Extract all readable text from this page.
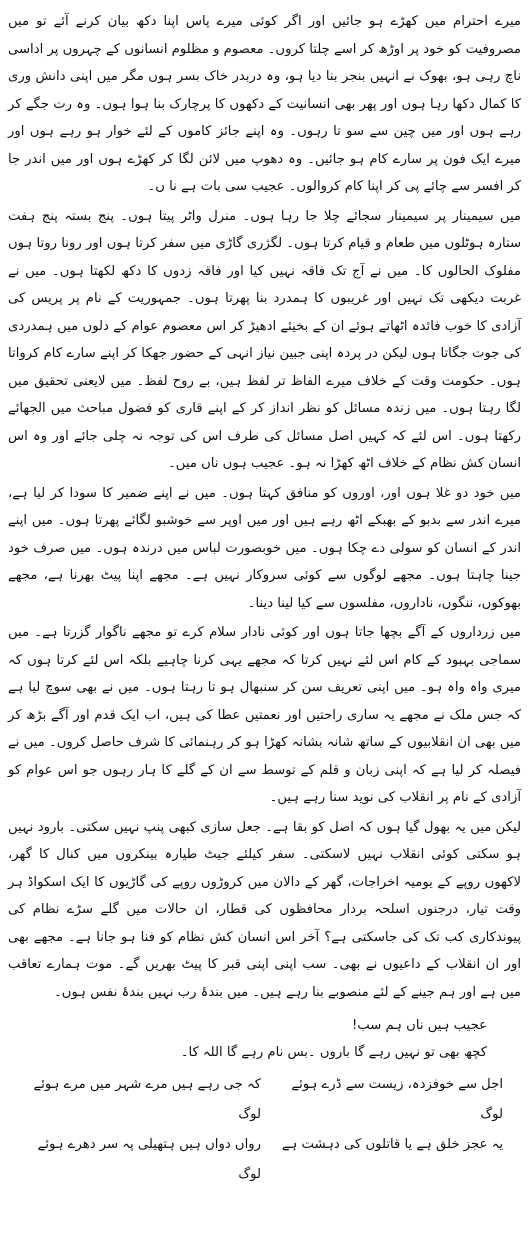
میرے احترام میں کھڑے ہو جائیں اور اگر کوئی میرے پاس اپنا دکھ بیان کرنے آئے تو میں مصروفیت کو خود پر اوڑھ کر اسے چلتا کروں۔ معصوم و مظلوم انسانوں کے چہروں پر اداسی ناچ رہی ہو، بھوک نے انہیں بنجر بنا دیا ہو، وہ دربدر خاک بسر ہوں مگر میں اپنی دانش وری کا کمال دکھا رہا ہوں اور پھر بھی انسانیت کے دکھوں کا پرچارک بنا ہوا ہوں۔ وہ رت جگے کر رہے ہوں اور میں چین سے سو تا رہوں۔ وہ اپنے جائز کاموں کے لئے خوار ہو رہے ہوں اور میرے ایک فون پر سارے کام ہو جائیں۔ وہ دھوپ میں لائن لگا کر کھڑے ہوں اور میں اندر جا کر افسر سے چائے پی کر اپنا کام کروالوں۔ عجیب سی بات ہے نا ں۔

میں سیمینار پر سیمینار سجائے چلا جا رہا ہوں۔ منرل واٹر پیتا ہوں۔ پنج بستہ پنج ہفت ستارہ ہوٹلوں میں طعام و قیام کرتا ہوں۔ لگژری گاڑی میں سفر کرتا ہوں اور رونا روتا ہوں مفلوک الحالوں کا۔ میں نے آج تک فاقہ نہیں کیا اور فاقہ زدوں کا دکھ لکھتا ہوں۔ میں نے غربت دیکھی تک نہیں اور غریبوں کا ہمدرد بنا پھرتا ہوں۔ جمہوریت کے نام پر پریس کی آزادی کا خوب فائدہ اٹھاتے ہوئے ان کے بخیئے ادھیڑ کر اس معصوم عوام کے دلوں میں ہمدردی کی جوت جگاتا ہوں لیکن در پردہ اپنی جبین نیاز انہی کے حضور جھکا کر اپنے سارے کام کرواتا ہوں۔ حکومت وقت کے خلاف میرے الفاظ تر لفظ ہیں، بے روح لفظ۔ میں لایعنی تحقیق میں لگا رہتا ہوں۔ میں زندہ مسائل کو نظر انداز کر کے اپنے قاری کو فضول مباحث میں الجھائے رکھتا ہوں۔ اس لئے کہ کہیں اصل مسائل کی طرف اس کی توجہ نہ چلی جائے اور وہ اس انسان کش نظام کے خلاف اٹھ کھڑا نہ ہو۔ عجیب ہوں ناں میں۔

میں خود دو غلا ہوں اور، اوروں کو منافق کہتا ہوں۔ میں نے اپنے ضمیر کا سودا کر لیا ہے، میرے اندر سے بدبو کے بھبکے اٹھ رہے ہیں اور میں اوپر سے خوشبو لگائے پھرتا ہوں۔ میں اپنے اندر کے انسان کو سولی دے چکا ہوں۔ میں خوبصورت لباس میں درندہ ہوں۔ میں صرف خود جینا چاہتا ہوں۔ مجھے لوگوں سے کوئی سروکار نہیں ہے۔ مجھے اپنا پیٹ بھرنا ہے، مجھے بھوکوں، ننگوں، ناداروں، مفلسوں سے کیا لینا دینا۔

میں زرداروں کے آگے بچھا جاتا ہوں اور کوئی نادار سلام کرے تو مجھے ناگوار گزرتا ہے۔ میں سماجی بہبود کے کام اس لئے نہیں کرتا کہ مجھے یہی کرنا چاہیے بلکہ اس لئے کرتا ہوں کہ میری واہ واہ ہو۔ میں اپنی تعریف سن کر سنبھال ہو تا رہتا ہوں۔ میں نے بھی سوچ لیا ہے کہ جس ملک نے مجھے یہ ساری راحتیں اور نعمتیں عطا کی ہیں، اب ایک قدم اور آگے بڑھ کر میں بھی ان انقلابیوں کے ساتھ شانہ بشانہ کھڑا ہو کر رہنمائی کا شرف حاصل کروں۔ میں نے فیصلہ کر لیا ہے کہ اپنی زبان و قلم کے توسط سے ان کے گلے کا ہار رہوں جو اس عوام کو آزادی کے نام پر انقلاب کی نوید سنا رہے ہیں۔

لیکن میں یہ بھول گیا ہوں کہ اصل کو بقا ہے۔ جعل سازی کبھی پنپ نہیں سکتی۔ بارود نہیں ہو سکتی کوئی انقلاب نہیں لاسکتی۔ سفر کیلئے جیٹ طیارہ بینکروں میں کنال کا گھر، لاکھوں روپے کے یومیہ اخراجات، گھر کے دالان میں کروڑوں روپے کی گاڑیوں کا ایک اسکواڈ ہر وقت تیار، درجنوں اسلحہ بردار محافظوں کی قطار، ان حالات میں گلے سڑے نظام کی پیوندکاری کب تک کی جاسکتی ہے؟ آخر اس انسان کش نظام کو فنا ہو جانا ہے۔ مجھے بھی اور ان انقلاب کے داعیوں نے بھی۔ سب اپنی اپنی قبر کا پیٹ بھریں گے۔ موت ہمارے تعاقب میں ہے اور ہم جینے کے لئے منصوبے بنا رہے ہیں۔ میں بندۂ رب نہیں بندۂ نفس ہوں۔

عجیب ہیں ناں ہم سب!
کچھ بھی تو نہیں رہے گا باروں ۔بس نام رہے گا اللہ کا۔
اجل سے خوفزدہ، زیست سے ڈرے ہوئے لوگ
کہ جی رہے ہیں مرے شہر میں مرے ہوئے لوگ
یہ عجز خلق ہے یا قاتلوں کی دہشت ہے
رواں دواں ہیں ہتھیلی پہ سر دھرے ہوئے لوگ
